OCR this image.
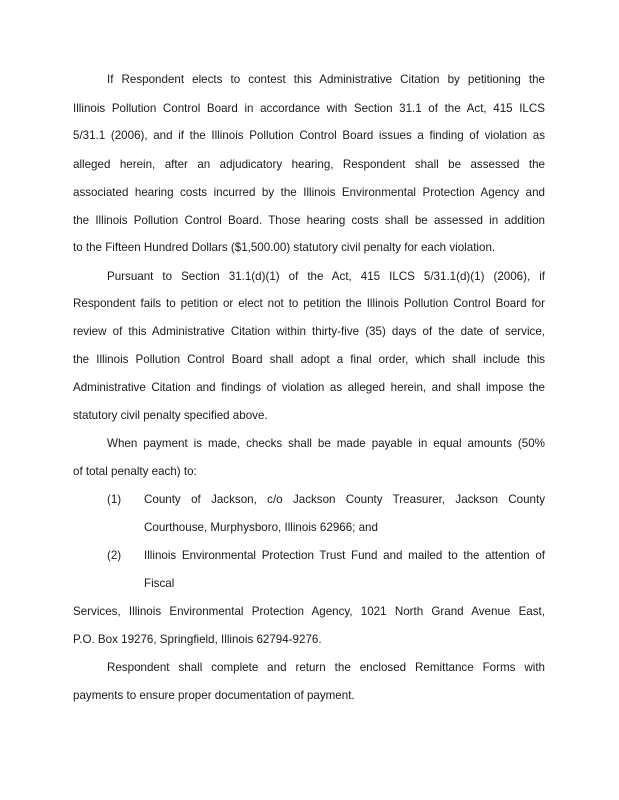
If Respondent elects to contest this Administrative Citation by petitioning the
Illinois Pollution Control Board in accordance with Section 31.1 of the Act, 415 ILCS
5/31.1 (2006), and if the Illinois Pollution Control Board issues a finding of violation as
alleged herein, after an adjudicatory hearing, Respondent shall be assessed the
associated hearing costs incurred by the Illinois Environmental Protection Agency and
the Illinois Pollution Control Board. Those hearing costs shall be assessed in addition
to the Fifteen Hundred Dollars ($1,500.00) statutory civil penalty for each violation.
Pursuant to Section 31.1(d)(1) of the Act, 415 ILCS 5/31.1(d)(1) (2006), if
Respondent fails to petition or elect not to petition the Illinois Pollution Control Board for
review of this Administrative Citation within thirty-five (35) days of the date of service,
the Illinois Pollution Control Board shall adopt a final order, which shall include this
Administrative Citation and findings of violation as alleged herein, and shall impose the
statutory civil penalty specified above.
When payment is made, checks shall be made payable in equal amounts (50%
of total penalty each) to:
(1) County of Jackson, c/o Jackson County Treasurer, Jackson County
Courthouse, Murphysboro, Illinois 62966; and
(2) Illinois Environmental Protection Trust Fund and mailed to the attention of
Fiscal
Services, Illinois Environmental Protection Agency, 1021 North Grand Avenue East,
P.O. Box 19276, Springfield, Illinois 62794-9276.
Respondent shall complete and return the enclosed Remittance Forms with
payments to ensure proper documentation of payment.
